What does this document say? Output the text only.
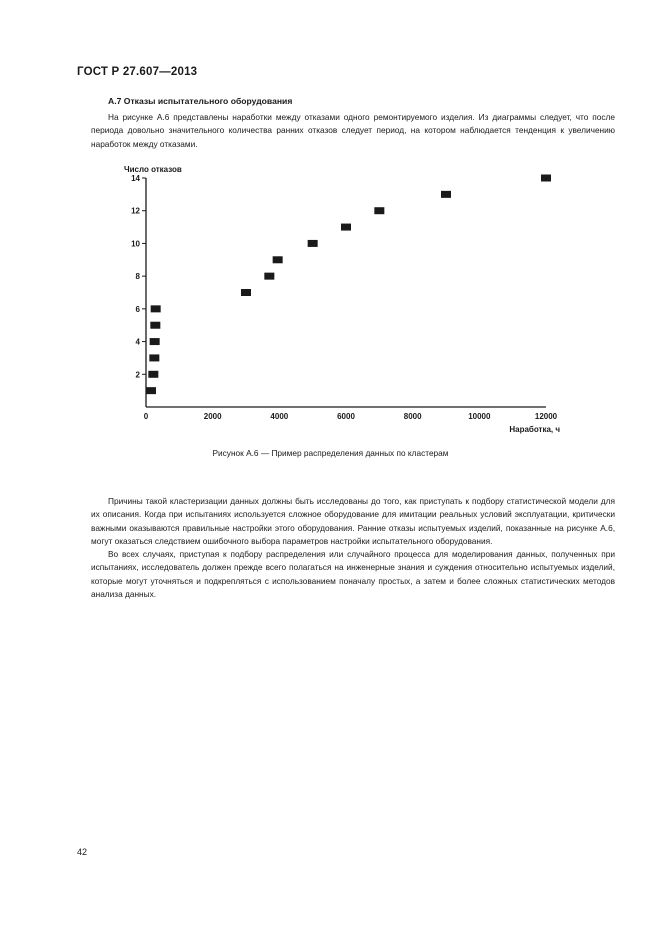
ГОСТ Р 27.607—2013
А.7 Отказы испытательного оборудования
На рисунке А.6 представлены наработки между отказами одного ремонтируемого изделия. Из диаграммы следует, что после периода довольно значительного количества ранних отказов следует период, на котором наблюдается тенденция к увеличению наработок между отказами.
Число отказов
Наработка, ч
2
4
6
8
10
12
14
0	2000	4000	6000	8000	10000	12000
Рисунок А.6 — Пример распределения данных по кластерам
Причины такой кластеризации данных должны быть исследованы до того, как приступать к подбору статистической модели для их описания. Когда при испытаниях используется сложное оборудование для имитации реальных условий эксплуатации, критически важными оказываются правильные настройки этого оборудования. Ранние отказы испытуемых изделий, показанные на рисунке А.6, могут оказаться следствием ошибочного выбора параметров настройки испытательного оборудования.
Во всех случаях, приступая к подбору распределения или случайного процесса для моделирования данных, полученных при испытаниях, исследователь должен прежде всего полагаться на инженерные знания и суждения относительно испытуемых изделий, которые могут уточняться и подкрепляться с использованием поначалу простых, а затем и более сложных статистических методов анализа данных.
42
